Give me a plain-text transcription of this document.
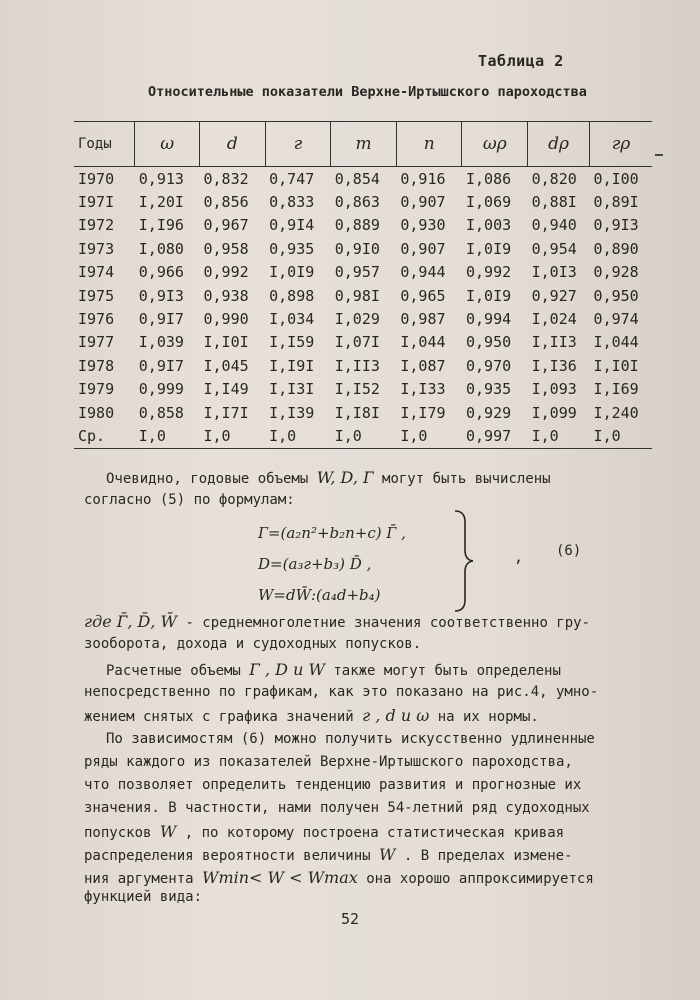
Таблица 2
Относительные показатели Верхне-Иртышского пароходства
Годы	ω	d	г	m	n	ωρ	dρ	гρ
I970	0,913	0,832	0,747	0,854	0,916	I,086	0,820	0,I00
I97I	I,20I	0,856	0,833	0,863	0,907	I,069	0,88I	0,89I
I972	I,I96	0,967	0,9I4	0,889	0,930	I,003	0,940	0,9I3
I973	I,080	0,958	0,935	0,9I0	0,907	I,0I9	0,954	0,890
I974	0,966	0,992	I,0I9	0,957	0,944	0,992	I,0I3	0,928
I975	0,9I3	0,938	0,898	0,98I	0,965	I,0I9	0,927	0,950
I976	0,9I7	0,990	I,034	I,029	0,987	0,994	I,024	0,974
I977	I,039	I,I0I	I,I59	I,07I	I,044	0,950	I,II3	I,044
I978	0,9I7	I,045	I,I9I	I,II3	I,087	0,970	I,I36	I,I0I
I979	0,999	I,I49	I,I3I	I,I52	I,I33	0,935	I,093	I,I69
I980	0,858	I,I7I	I,I39	I,I8I	I,I79	0,929	I,099	I,240
Ср.	I,0	I,0	I,0	I,0	I,0	0,997	I,0	I,0
Очевидно, годовые объемы W, D, Г могут быть вычислены
согласно (5) по формулам:
Г=(a₂n²+b₂n+c) Г̄ ,
D=(a₃г+b₃) D̄ ,
W=dW̄:(a₄d+b₄)
, (6)
где Г̄, D̄, W̄ - среднемноголетние значения соответственно гру-
зооборота, дохода и судоходных попусков.
Расчетные объемы Г , D и W также могут быть определены
непосредственно по графикам, как это показано на рис.4, умно-
жением снятых с графика значений г , d и ω на их нормы.
По зависимостям (6) можно получить искусственно удлиненные
ряды каждого из показателей Верхне-Иртышского пароходства,
что позволяет определить тенденцию развития и прогнозные их
значения. В частности, нами получен 54-летний ряд судоходных
попусков W , по которому построена статистическая кривая
распределения вероятности величины W . В пределах измене-
ния аргумента Wmin< W < Wmax она хорошо аппроксимируется
функцией вида:
52
